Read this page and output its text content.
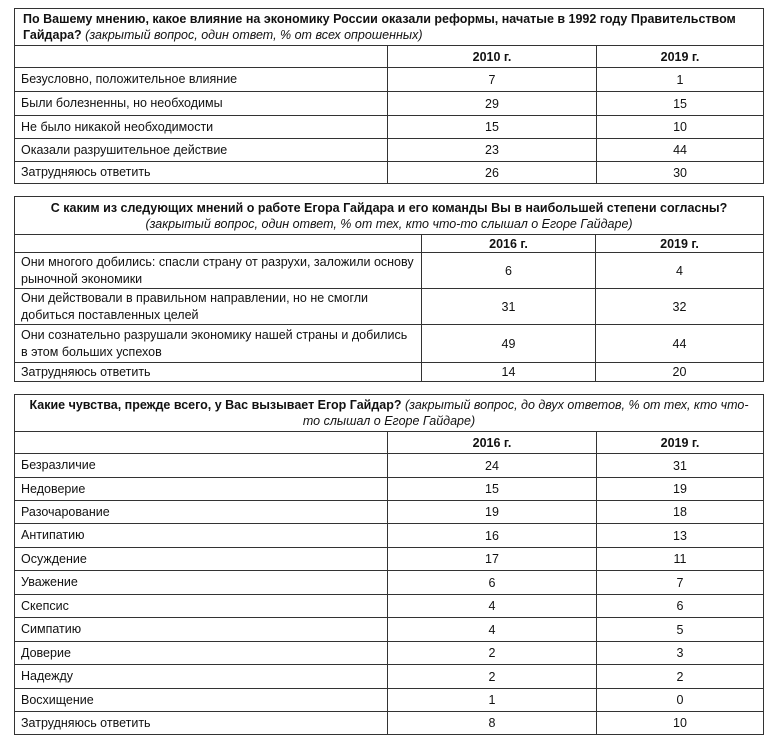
По Вашему мнению, какое влияние на экономику России оказали реформы, начатые в 1992 году Правительством Гайдара? (закрытый вопрос, один ответ, % от всех опрошенных)		
	2010 г.	2019 г.
Безусловно, положительное влияние	7	1
Были болезненны, но необходимы	29	15
Не было никакой необходимости	15	10
Оказали разрушительное действие	23	44
Затрудняюсь ответить	26	30
С каким из следующих мнений о работе Егора Гайдара и его команды Вы в наибольшей степени согласны?
(закрытый вопрос, один ответ, % от тех, кто что-то слышал о Егоре Гайдаре)		
	2016 г.	2019 г.
Они многого добились: спасли страну от разрухи, заложили основу рыночной экономики	6	4
Они действовали в правильном направлении, но не смогли добиться поставленных целей	31	32
Они сознательно разрушали экономику нашей страны и добились в этом больших успехов	49	44
Затрудняюсь ответить	14	20
Какие чувства, прежде всего, у Вас вызывает Егор Гайдар? (закрытый вопрос, до двух ответов, % от тех, кто что-то слышал о Егоре Гайдаре)		
	2016 г.	2019 г.
Безразличие	24	31
Недоверие	15	19
Разочарование	19	18
Антипатию	16	13
Осуждение	17	11
Уважение	6	7
Скепсис	4	6
Симпатию	4	5
Доверие	2	3
Надежду	2	2
Восхищение	1	0
Затрудняюсь ответить	8	10
